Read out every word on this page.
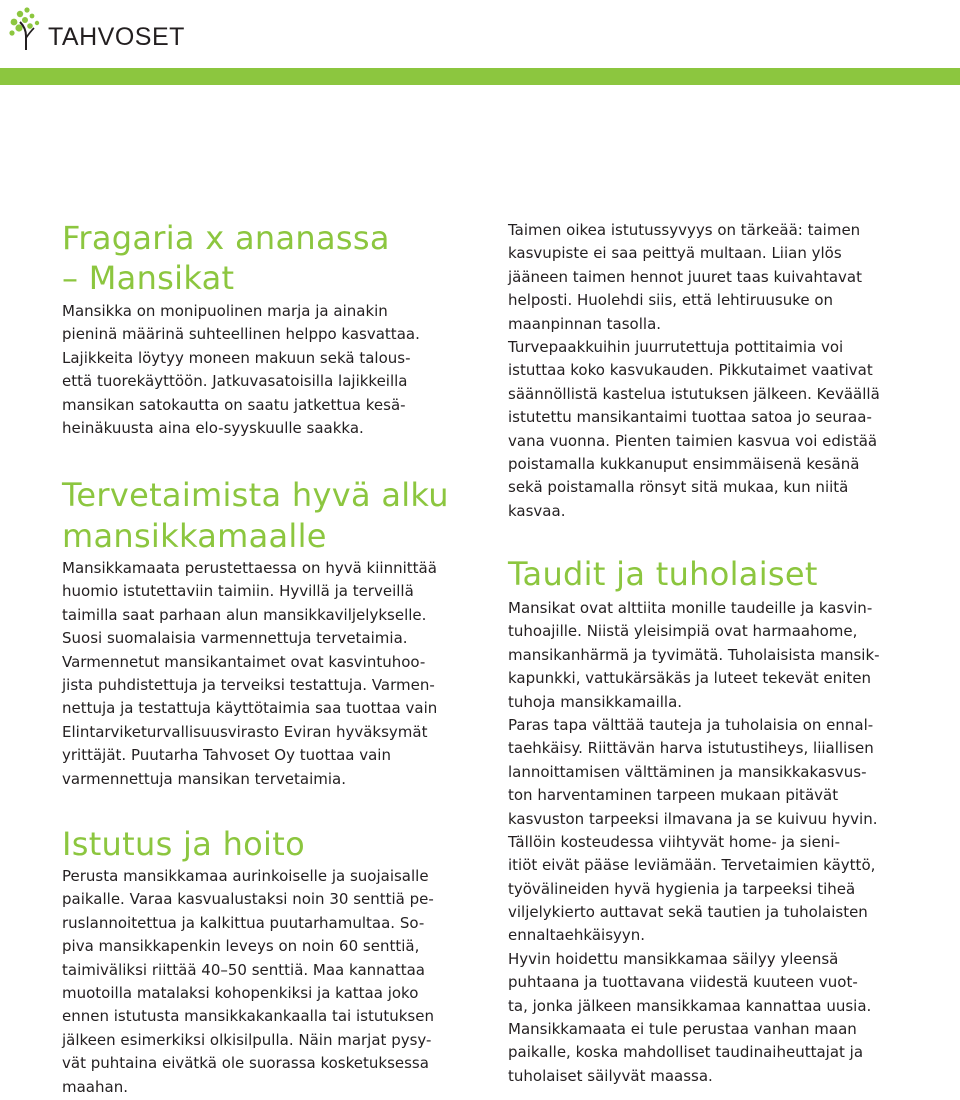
TAHVOSET
Fragaria x ananassa
– Mansikat
Mansikka on monipuolinen marja ja ainakin
pieninä määrinä suhteellinen helppo kasvattaa.
Lajikkeita löytyy moneen makuun sekä talous-
että tuorekäyttöön. Jatkuvasatoisilla lajikkeilla
mansikan satokautta on saatu jatkettua kesä-
heinäkuusta aina elo-syyskuulle saakka.
Tervetaimista hyvä alku
mansikkamaalle
Mansikkamaata perustettaessa on hyvä kiinnittää
huomio istutettaviin taimiin. Hyvillä ja terveillä
taimilla saat parhaan alun mansikkaviljelykselle.
Suosi suomalaisia varmennettuja tervetaimia.
Varmennetut mansikantaimet ovat kasvintuhoo-
jista puhdistettuja ja terveiksi testattuja. Varmen-
nettuja ja testattuja käyttötaimia saa tuottaa vain
Elintarviketurvallisuusvirasto Eviran hyväksymät
yrittäjät. Puutarha Tahvoset Oy tuottaa vain
varmennettuja mansikan tervetaimia.
Istutus ja hoito
Perusta mansikkamaa aurinkoiselle ja suojaisalle
paikalle. Varaa kasvualustaksi noin 30 senttiä pe-
ruslannoitettua ja kalkittua puutarhamultaa. So-
piva mansikkapenkin leveys on noin 60 senttiä,
taimiväliksi riittää 40–50 senttiä. Maa kannattaa
muotoilla matalaksi kohopenkiksi ja kattaa joko
ennen istutusta mansikkakankaalla tai istutuksen
jälkeen esimerkiksi olkisilpulla. Näin marjat pysy-
vät puhtaina eivätkä ole suorassa kosketuksessa
maahan.
Taimen oikea istutussyvyys on tärkeää: taimen
kasvupiste ei saa peittyä multaan. Liian ylös
jääneen taimen hennot juuret taas kuivahtavat
helposti. Huolehdi siis, että lehtiruusuke on
maanpinnan tasolla.
Turvepaakkuihin juurrutettuja pottitaimia voi
istuttaa koko kasvukauden. Pikkutaimet vaativat
säännöllistä kastelua istutuksen jälkeen. Keväällä
istutettu mansikantaimi tuottaa satoa jo seuraa-
vana vuonna. Pienten taimien kasvua voi edistää
poistamalla kukkanuput ensimmäisenä kesänä
sekä poistamalla rönsyt sitä mukaa, kun niitä
kasvaa.
Taudit ja tuholaiset
Mansikat ovat alttiita monille taudeille ja kasvin-
tuhoajille. Niistä yleisimpiä ovat harmaahome,
mansikanhärmä ja tyvimätä. Tuholaisista mansik-
kapunkki, vattukärsäkäs ja luteet tekevät eniten
tuhoja mansikkamailla.
Paras tapa välttää tauteja ja tuholaisia on ennal-
taehkäisy. Riittävän harva istutustiheys, liiallisen
lannoittamisen välttäminen ja mansikkakasvus-
ton harventaminen tarpeen mukaan pitävät
kasvuston tarpeeksi ilmavana ja se kuivuu hyvin.
Tällöin kosteudessa viihtyvät home- ja sieni-
itiöt eivät pääse leviämään. Tervetaimien käyttö,
työvälineiden hyvä hygienia ja tarpeeksi tiheä
viljelykierto auttavat sekä tautien ja tuholaisten
ennaltaehkäisyyn.
Hyvin hoidettu mansikkamaa säilyy yleensä
puhtaana ja tuottavana viidestä kuuteen vuot-
ta, jonka jälkeen mansikkamaa kannattaa uusia.
Mansikkamaata ei tule perustaa vanhan maan
paikalle, koska mahdolliset taudinaiheuttajat ja
tuholaiset säilyvät maassa.
